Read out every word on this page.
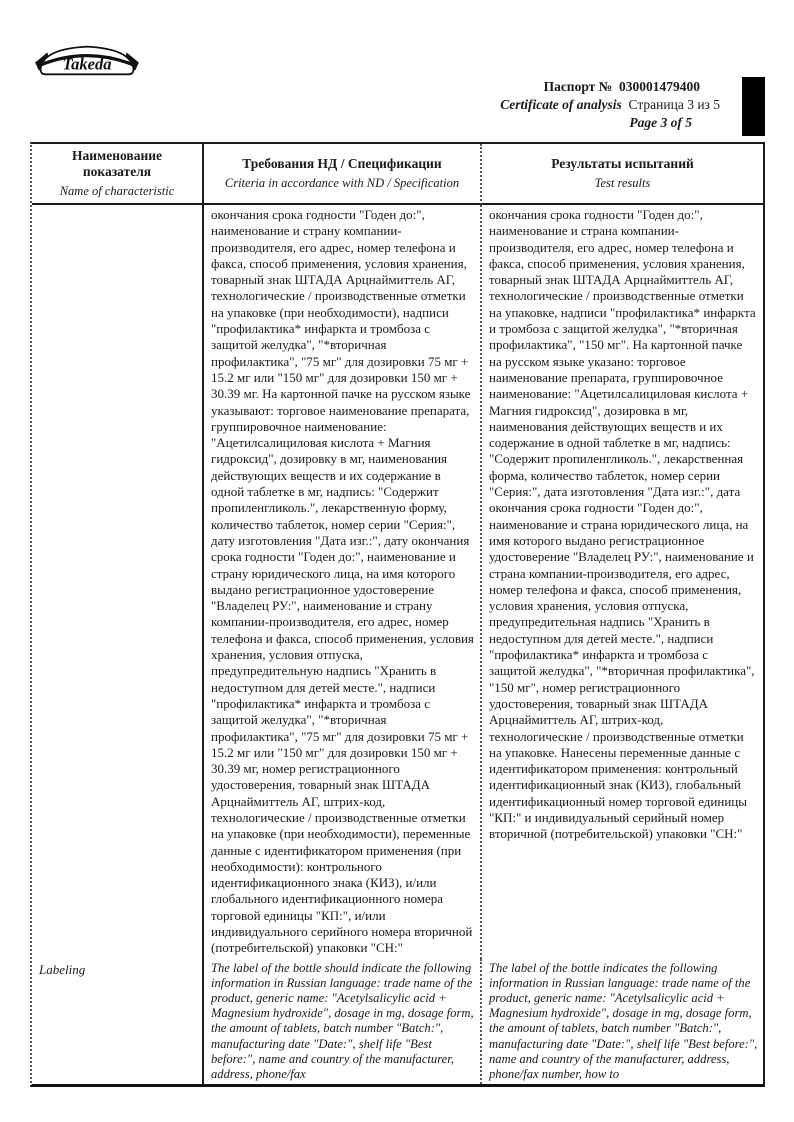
Takeda
Паспорт № 030001479400
Certificate of analysis Страница 3 из 5
Page 3 of 5
Наименование показателя
Name of characteristic
Требования НД / Спецификации
Criteria in accordance with ND / Specification
Результаты испытаний
Test results
окончания срока годности "Годен до:", наименование и страну компании-производителя, его адрес, номер телефона и факса, способ применения, условия хранения, товарный знак ШТАДА Арцнаймиттель АГ, технологические / производственные отметки на упаковке (при необходимости), надписи "профилактика* инфаркта и тромбоза с защитой желудка", "*вторичная профилактика", "75 мг" для дозировки 75 мг + 15.2 мг или "150 мг" для дозировки 150 мг + 30.39 мг. На картонной пачке на русском языке указывают: торговое наименование препарата, группировочное наименование: "Ацетилсалициловая кислота + Магния гидроксид", дозировку в мг, наименования действующих веществ и их содержание в одной таблетке в мг, надпись: "Содержит пропиленгликоль.", лекарственную форму, количество таблеток, номер серии "Серия:", дату изготовления "Дата изг.:", дату окончания срока годности "Годен до:", наименование и страну юридического лица, на имя которого выдано регистрационное удостоверение "Владелец РУ:", наименование и страну компании-производителя, его адрес, номер телефона и факса, способ применения, условия хранения, условия отпуска, предупредительную надпись "Хранить в недоступном для детей месте.", надписи "профилактика* инфаркта и тромбоза с защитой желудка", "*вторичная профилактика", "75 мг" для дозировки 75 мг + 15.2 мг или "150 мг" для дозировки 150 мг + 30.39 мг, номер регистрационного удостоверения, товарный знак ШТАДА Арцнаймиттель АГ, штрих-код, технологические / производственные отметки на упаковке (при необходимости), переменные данные с идентификатором применения (при необходимости): контрольного идентификационного знака (КИЗ), и/или глобального идентификационного номера торговой единицы "КП:", и/или индивидуального серийного номера вторичной (потребительской) упаковки "СН:"
окончания срока годности "Годен до:", наименование и страна компании-производителя, его адрес, номер телефона и факса, способ применения, условия хранения, товарный знак ШТАДА Арцнаймиттель АГ, технологические / производственные отметки на упаковке, надписи "профилактика* инфаркта и тромбоза с защитой желудка", "*вторичная профилактика", "150 мг". На картонной пачке на русском языке указано: торговое наименование препарата, группировочное наименование: "Ацетилсалициловая кислота + Магния гидроксид", дозировка в мг, наименования действующих веществ и их содержание в одной таблетке в мг, надпись: "Содержит пропиленгликоль.", лекарственная форма, количество таблеток, номер серии "Серия:", дата изготовления "Дата изг.:", дата окончания срока годности "Годен до:", наименование и страна юридического лица, на имя которого выдано регистрационное удостоверение "Владелец РУ:", наименование и страна компании-производителя, его адрес, номер телефона и факса, способ применения, условия хранения, условия отпуска, предупредительная надпись "Хранить в недоступном для детей месте.", надписи "профилактика* инфаркта и тромбоза с защитой желудка", "*вторичная профилактика", "150 мг", номер регистрационного удостоверения, товарный знак ШТАДА Арцнаймиттель АГ, штрих-код, технологические / производственные отметки на упаковке. Нанесены переменные данные с идентификатором применения: контрольный идентификационный знак (КИЗ), глобальный идентификационный номер торговой единицы "КП:" и индивидуальный серийный номер вторичной (потребительской) упаковки "СН:"
Labeling	The label of the bottle should indicate the following information in Russian language: trade name of the product, generic name: "Acetylsalicylic acid + Magnesium hydroxide", dosage in mg, dosage form, the amount of tablets, batch number "Batch:", manufacturing date "Date:", shelf life "Best before:", name and country of the manufacturer, address, phone/fax
The label of the bottle indicates the following information in Russian language: trade name of the product, generic name: "Acetylsalicylic acid + Magnesium hydroxide", dosage in mg, dosage form, the amount of tablets, batch number "Batch:", manufacturing date "Date:", shelf life "Best before:", name and country of the manufacturer, address, phone/fax number, how to
